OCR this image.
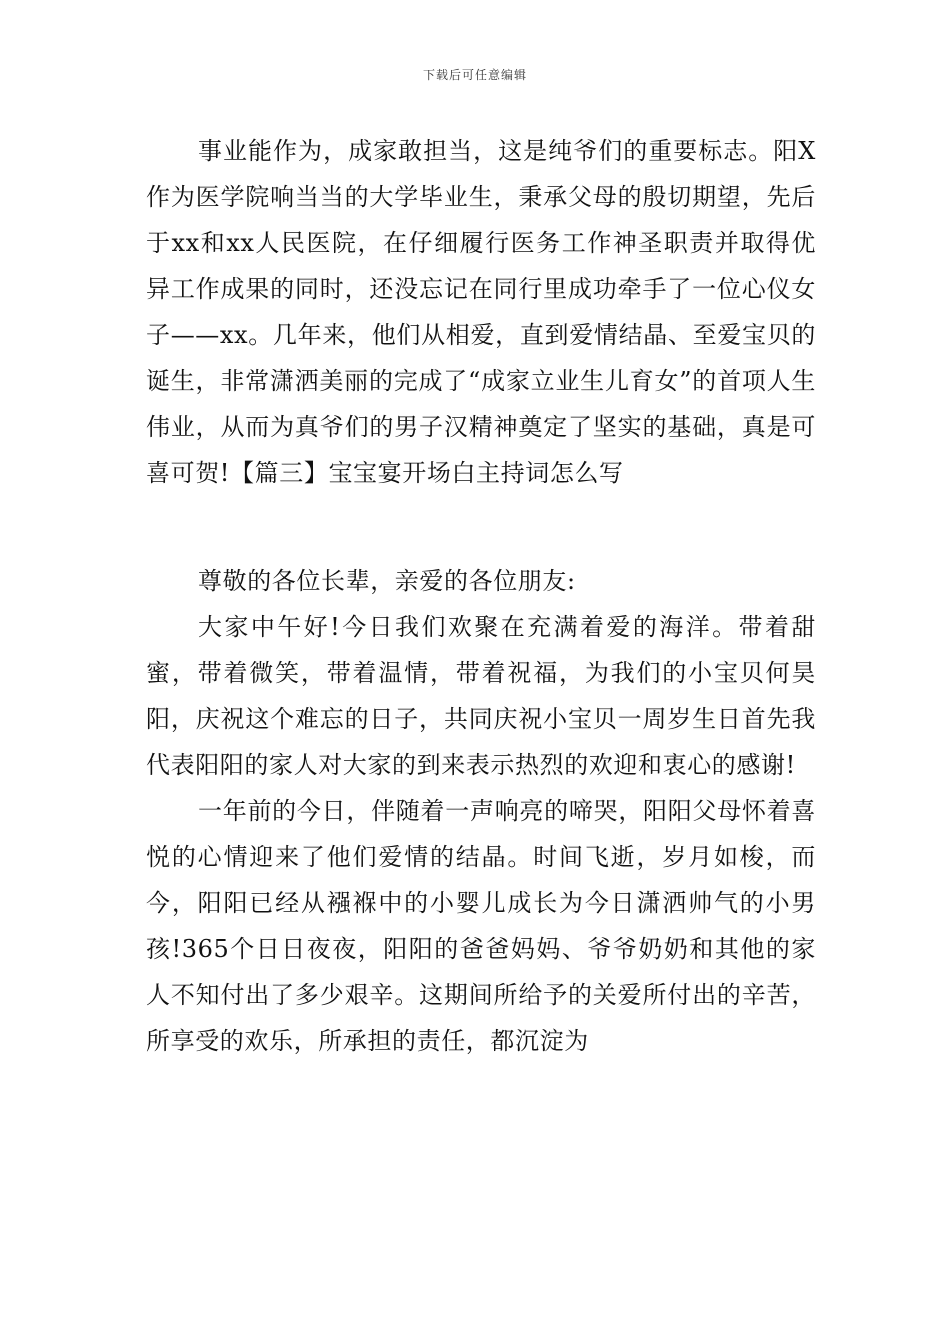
下载后可任意编辑

事业能作为，成家敢担当，这是纯爷们的重要标志。阳X作为医学院响当当的大学毕业生，秉承父母的殷切期望，先后于xx和xx人民医院，在仔细履行医务工作神圣职责并取得优异工作成果的同时，还没忘记在同行里成功牵手了一位心仪女子——xx。几年来，他们从相爱，直到爱情结晶、至爱宝贝的诞生，非常潇洒美丽的完成了“成家立业生儿育女”的首项人生伟业，从而为真爷们的男子汉精神奠定了坚实的基础，真是可喜可贺!【篇三】宝宝宴开场白主持词怎么写

尊敬的各位长辈，亲爱的各位朋友:

大家中午好!今日我们欢聚在充满着爱的海洋。带着甜蜜，带着微笑，带着温情，带着祝福，为我们的小宝贝何昊阳，庆祝这个难忘的日子，共同庆祝小宝贝一周岁生日首先我代表阳阳的家人对大家的到来表示热烈的欢迎和衷心的感谢!

一年前的今日，伴随着一声响亮的啼哭，阳阳父母怀着喜悦的心情迎来了他们爱情的结晶。时间飞逝，岁月如梭，而今，阳阳已经从襁褓中的小婴儿成长为今日潇洒帅气的小男孩!365个日日夜夜，阳阳的爸爸妈妈、爷爷奶奶和其他的家人不知付出了多少艰辛。这期间所给予的关爱所付出的辛苦，所享受的欢乐，所承担的责任，都沉淀为
